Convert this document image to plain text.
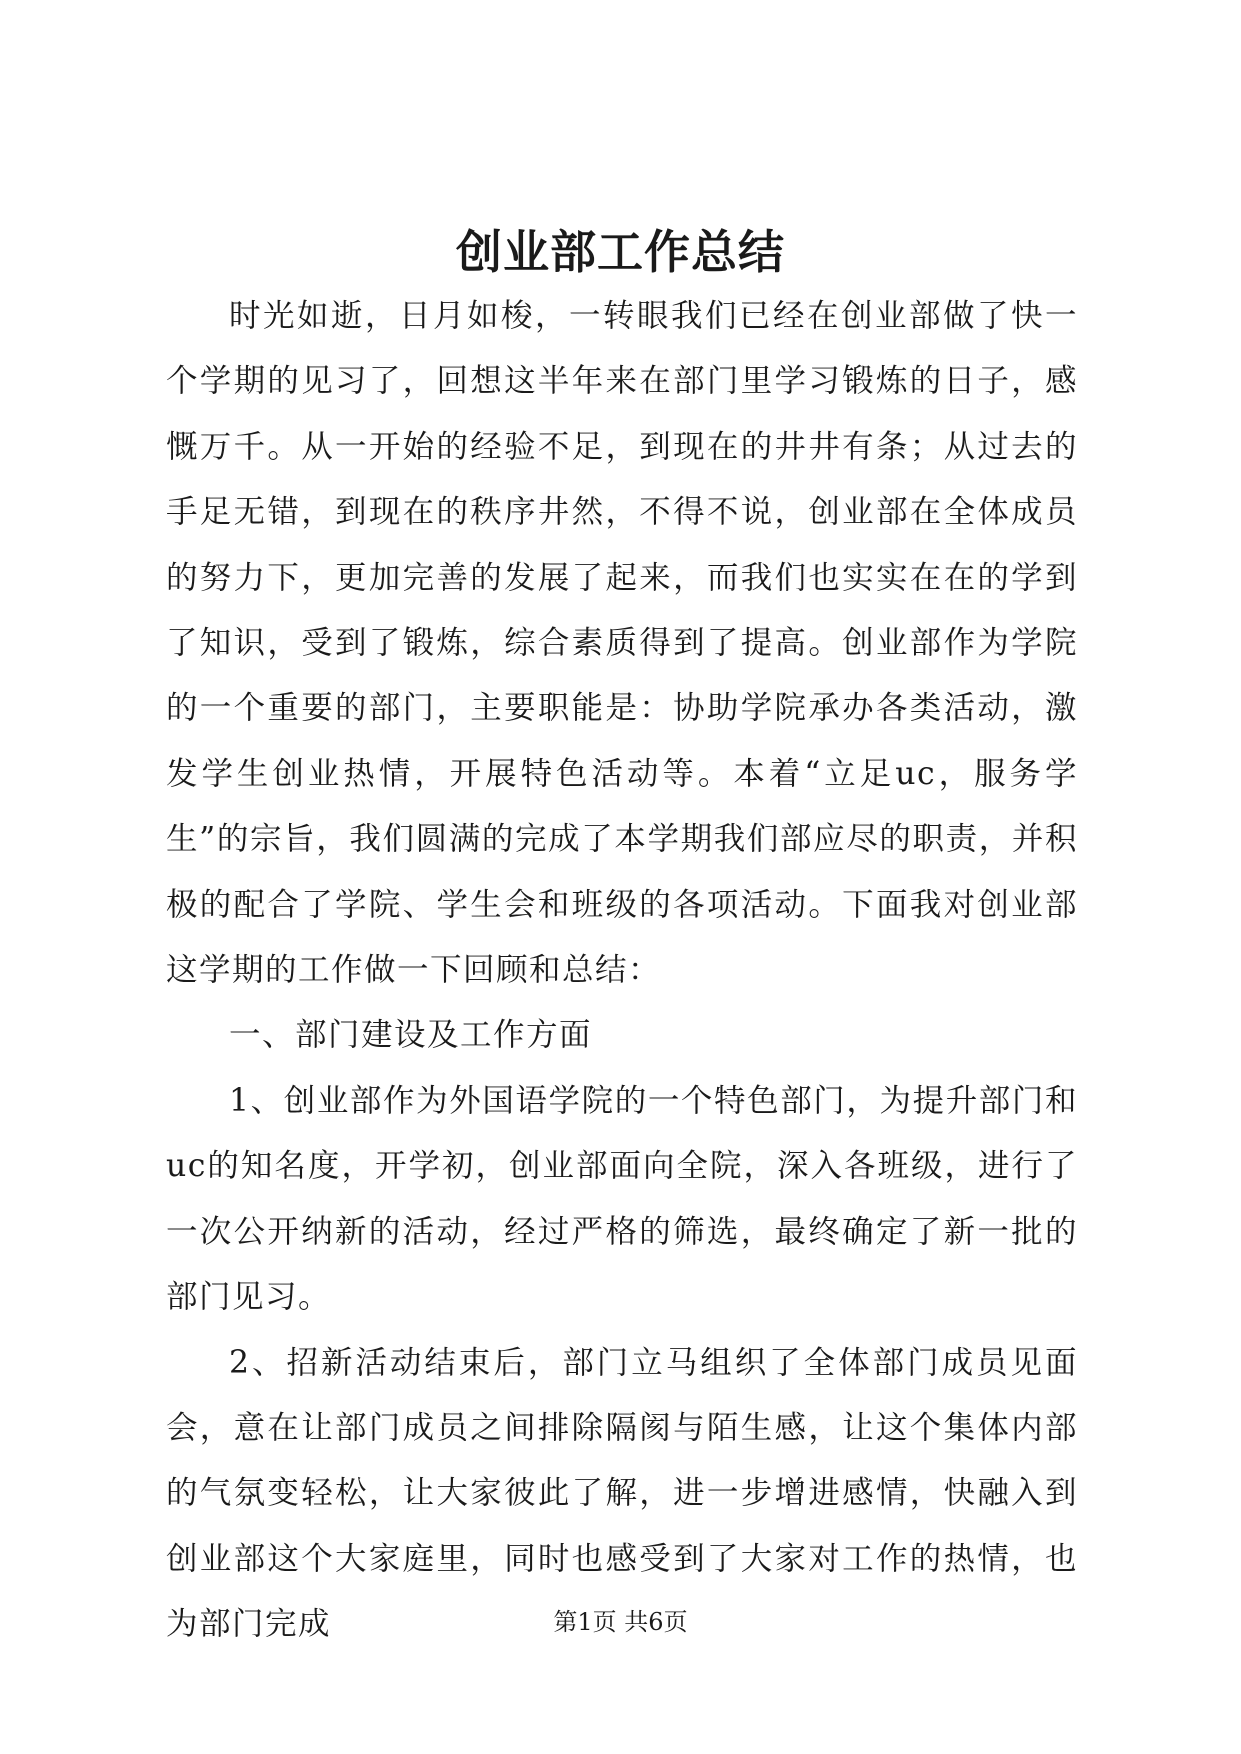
创业部工作总结

时光如逝，日月如梭，一转眼我们已经在创业部做了快一个学期的见习了，回想这半年来在部门里学习锻炼的日子，感慨万千。从一开始的经验不足，到现在的井井有条；从过去的手足无错，到现在的秩序井然，不得不说，创业部在全体成员的努力下，更加完善的发展了起来，而我们也实实在在的学到了知识，受到了锻炼，综合素质得到了提高。创业部作为学院的一个重要的部门，主要职能是：协助学院承办各类活动，激发学生创业热情，开展特色活动等。本着“立足uc，服务学生”的宗旨，我们圆满的完成了本学期我们部应尽的职责，并积极的配合了学院、学生会和班级的各项活动。下面我对创业部这学期的工作做一下回顾和总结：

一、部门建设及工作方面

1、创业部作为外国语学院的一个特色部门，为提升部门和uc的知名度，开学初，创业部面向全院，深入各班级，进行了一次公开纳新的活动，经过严格的筛选，最终确定了新一批的部门见习。

2、招新活动结束后，部门立马组织了全体部门成员见面会，意在让部门成员之间排除隔阂与陌生感，让这个集体内部的气氛变轻松，让大家彼此了解，进一步增进感情，快融入到创业部这个大家庭里，同时也感受到了大家对工作的热情，也为部门完成	第1页 共6页
